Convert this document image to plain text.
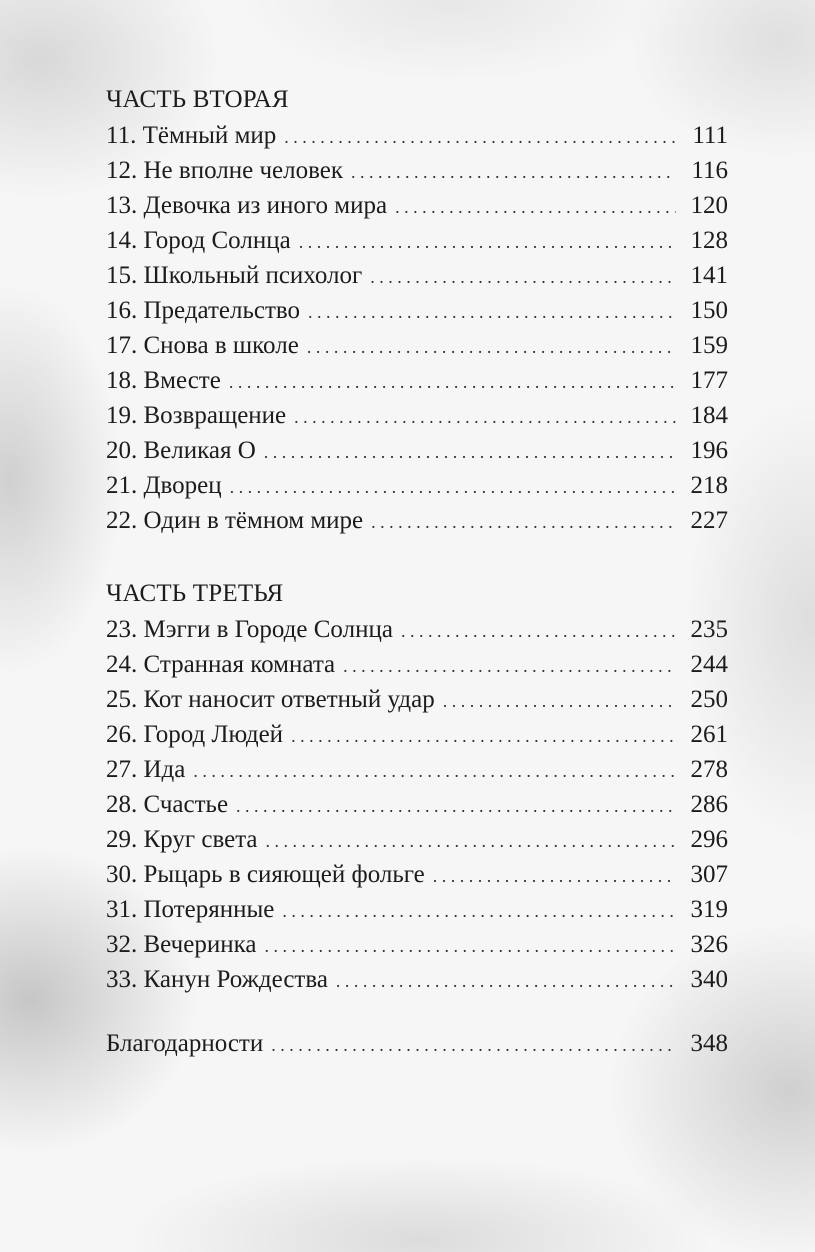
ЧАСТЬ ВТОРАЯ
11. Тёмный мир . . .	111
12. Не вполне человек . . .	116
13. Девочка из иного мира . . .	120
14. Город Солнца . . .	128
15. Школьный психолог . . .	141
16. Предательство . . .	150
17. Снова в школе . . .	159
18. Вместе . . .	177
19. Возвращение . . .	184
20. Великая О . . .	196
21. Дворец . . .	218
22. Один в тёмном мире . . .	227
ЧАСТЬ ТРЕТЬЯ
23. Мэгги в Городе Солнца . . .	235
24. Странная комната . . .	244
25. Кот наносит ответный удар . . .	250
26. Город Людей . . .	261
27. Ида . . .	278
28. Счастье . . .	286
29. Круг света . . .	296
30. Рыцарь в сияющей фольге . . .	307
31. Потерянные . . .	319
32. Вечеринка . . .	326
33. Канун Рождества . . .	340
Благодарности . . .	348
